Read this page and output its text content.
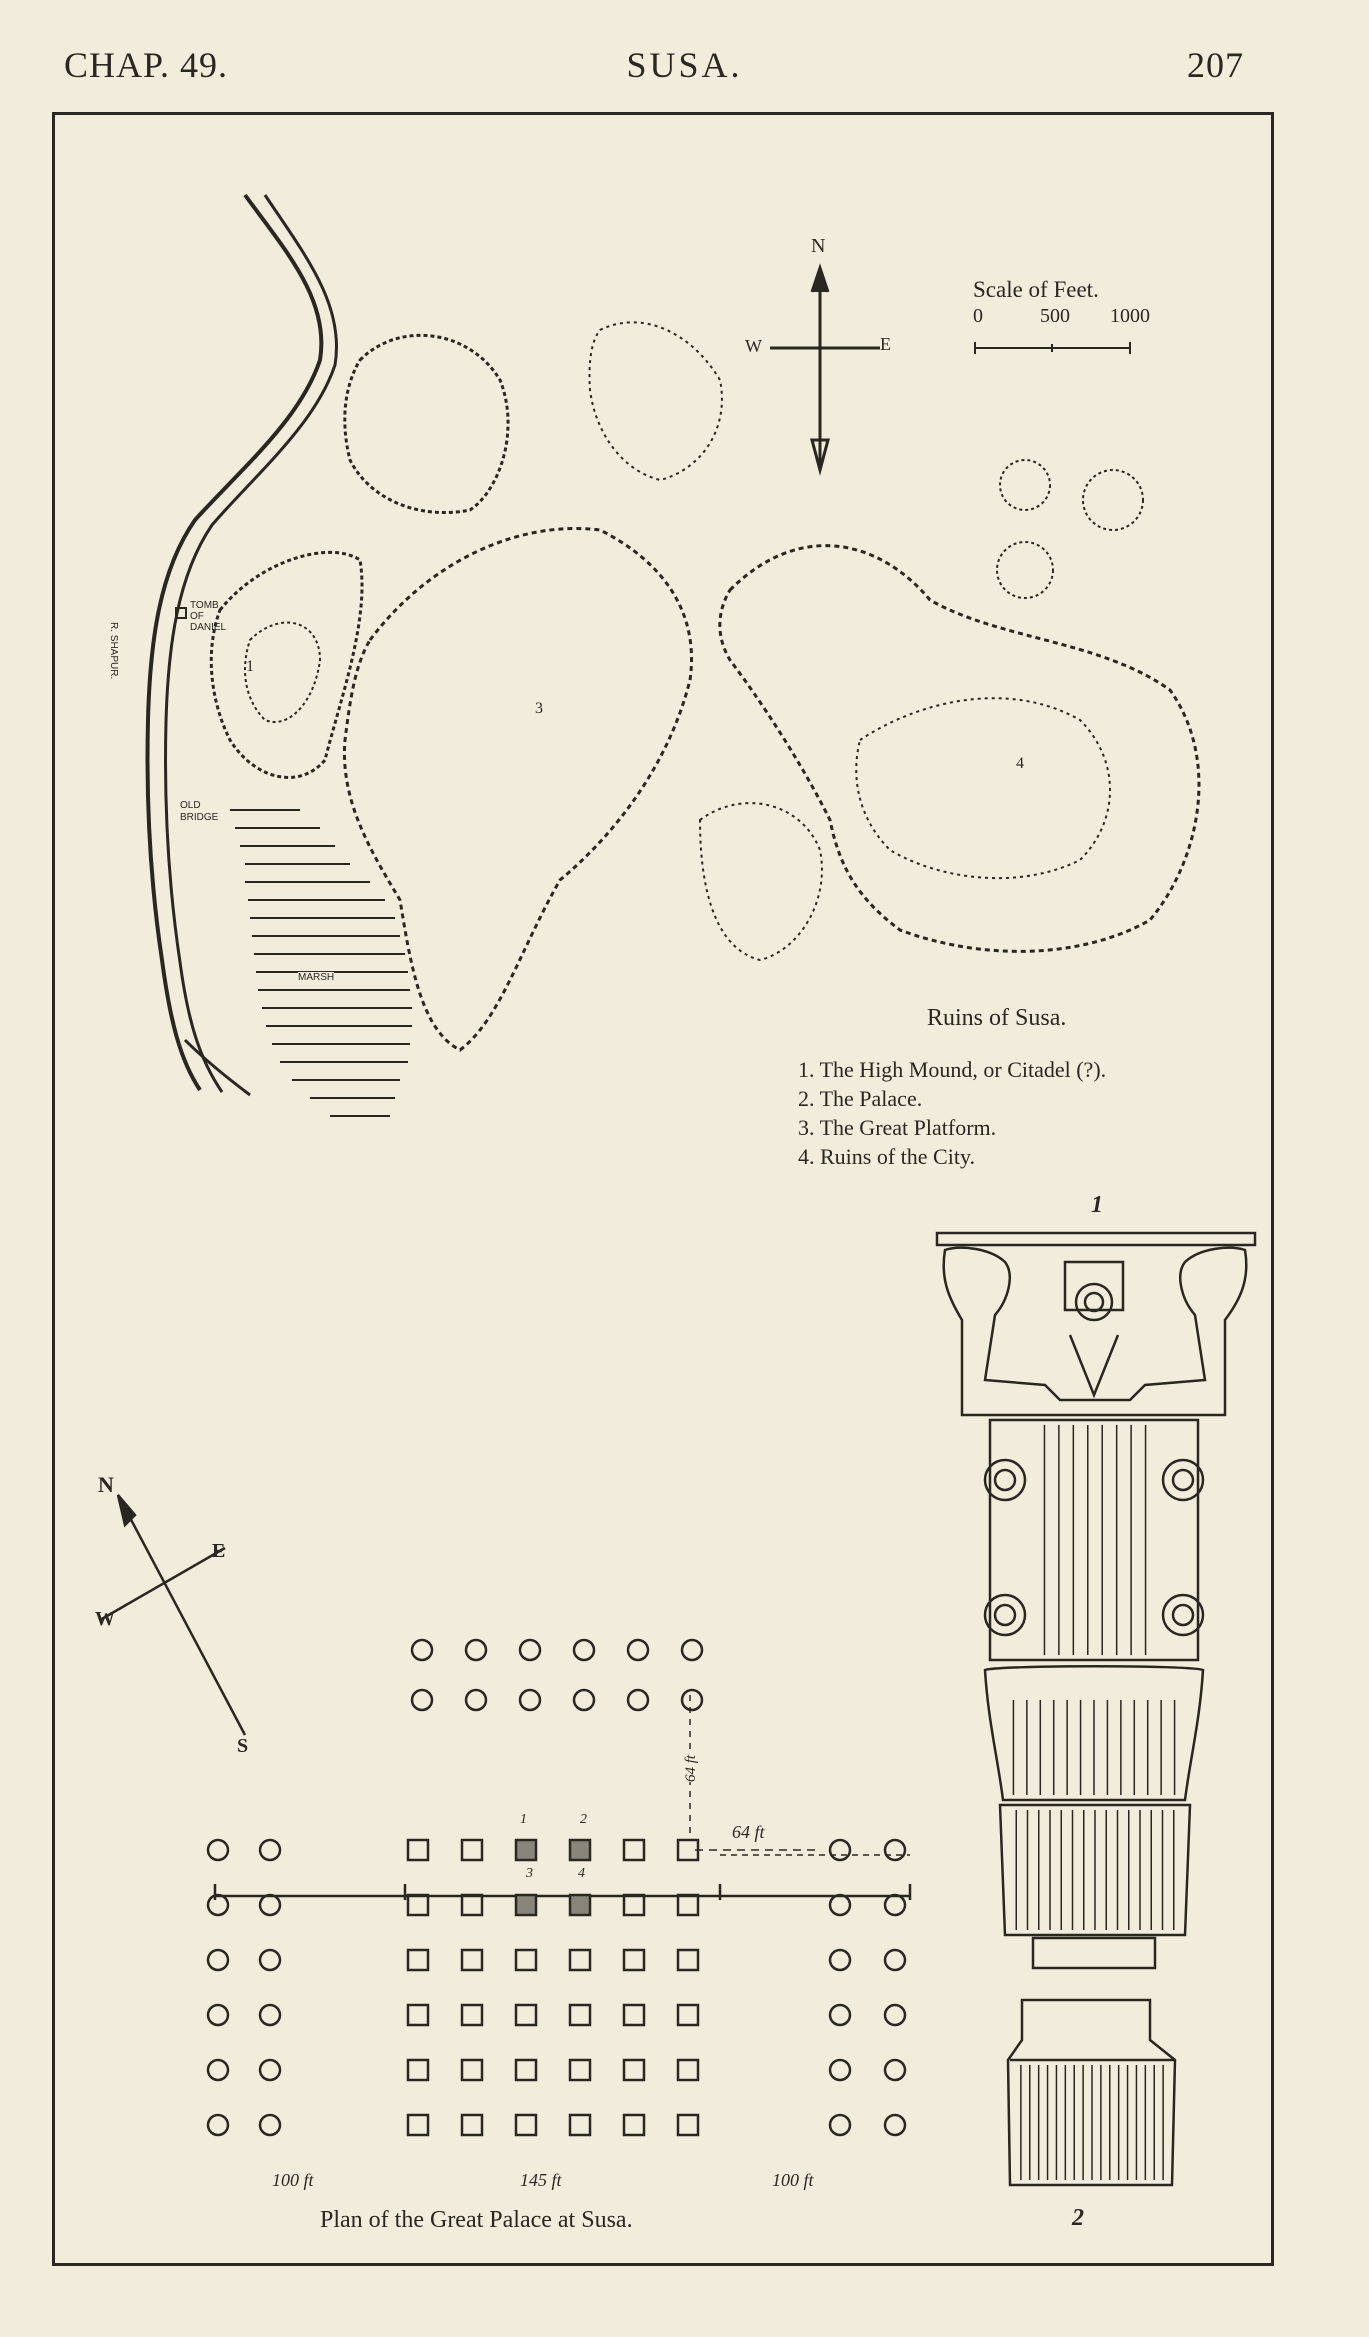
CHAP. 49.	SUSA.	207
N
W	E
Scale of Feet.
0	500 1000
TOMB OF DANIEL
R. SHAPUR.
OLD BRIDGE
MARSH
1
3
4
Ruins of Susa.
1. The High Mound, or Citadel (?).
2. The Palace.
3. The Great Platform.
4. Ruins of the City.
1
2
N
E
W
S
1	2
3	4
64 ft
64 ft
100 ft	145 ft	100 ft
Plan of the Great Palace at Susa.
